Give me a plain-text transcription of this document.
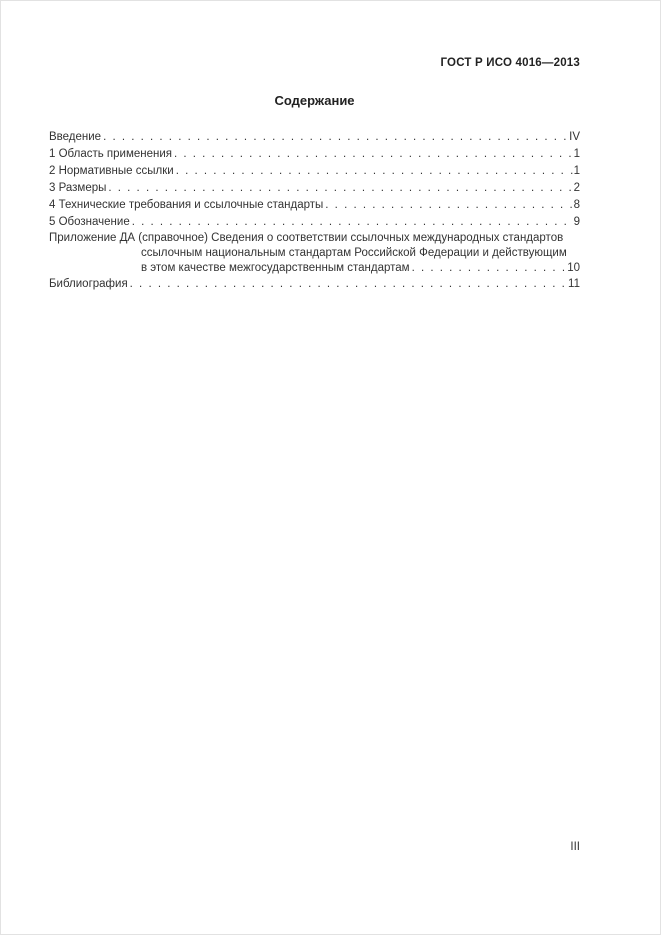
ГОСТ Р ИСО 4016—2013
Содержание
Введение . . .	IV
1 Область применения . . .	1
2 Нормативные ссылки . . .	1
3 Размеры . . .	2
4 Технические требования и ссылочные стандарты . . .	8
5 Обозначение . . .	9
Приложение ДА (справочное) Сведения о соответствии ссылочных международных стандартов
ссылочным национальным стандартам Российской Федерации и действующим
в этом качестве межгосударственным стандартам . . .	10
Библиография . . .	11
III
